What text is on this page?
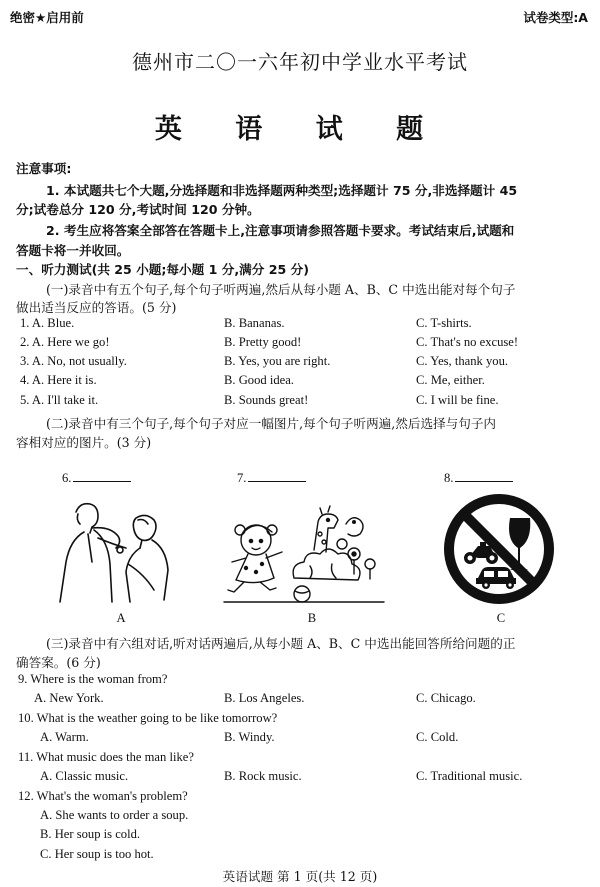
绝密★启用前	试卷类型:A
德州市二〇一六年初中学业水平考试
英 语 试 题
注意事项:
1. 本试题共七个大题,分选择题和非选择题两种类型;选择题计 75 分,非选择题计 45
分;试卷总分 120 分,考试时间 120 分钟。
2. 考生应将答案全部答在答题卡上,注意事项请参照答题卡要求。考试结束后,试题和
答题卡将一并收回。
一、听力测试(共 25 小题;每小题 1 分,满分 25 分)
(一)录音中有五个句子,每个句子听两遍,然后从每小题 A、B、C 中选出能对每个句子
做出适当反应的答语。(5 分)
1. A. Blue.	B. Bananas.	C. T-shirts.
2. A. Here we go!	B. Pretty good!	C. That's no excuse!
3. A. No, not usually.	B. Yes, you are right.	C. Yes, thank you.
4. A. Here it is.	B. Good idea.	C. Me, either.
5. A. I'll take it.	B. Sounds great!	C. I will be fine.
(二)录音中有三个句子,每个句子对应一幅图片,每个句子听两遍,然后选择与句子内
容相对应的图片。(3 分)
6.	7.	8.
A	B	C
(三)录音中有六组对话,听对话两遍后,从每小题 A、B、C 中选出能回答所给问题的正
确答案。(6 分)
9. Where is the woman from?
A. New York.	B. Los Angeles.	C. Chicago.
10. What is the weather going to be like tomorrow?
A. Warm.	B. Windy.	C. Cold.
11. What music does the man like?
A. Classic music.	B. Rock music.	C. Traditional music.
12. What's the woman's problem?
A. She wants to order a soup.
B. Her soup is cold.
C. Her soup is too hot.
英语试题 第 1 页(共 12 页)
